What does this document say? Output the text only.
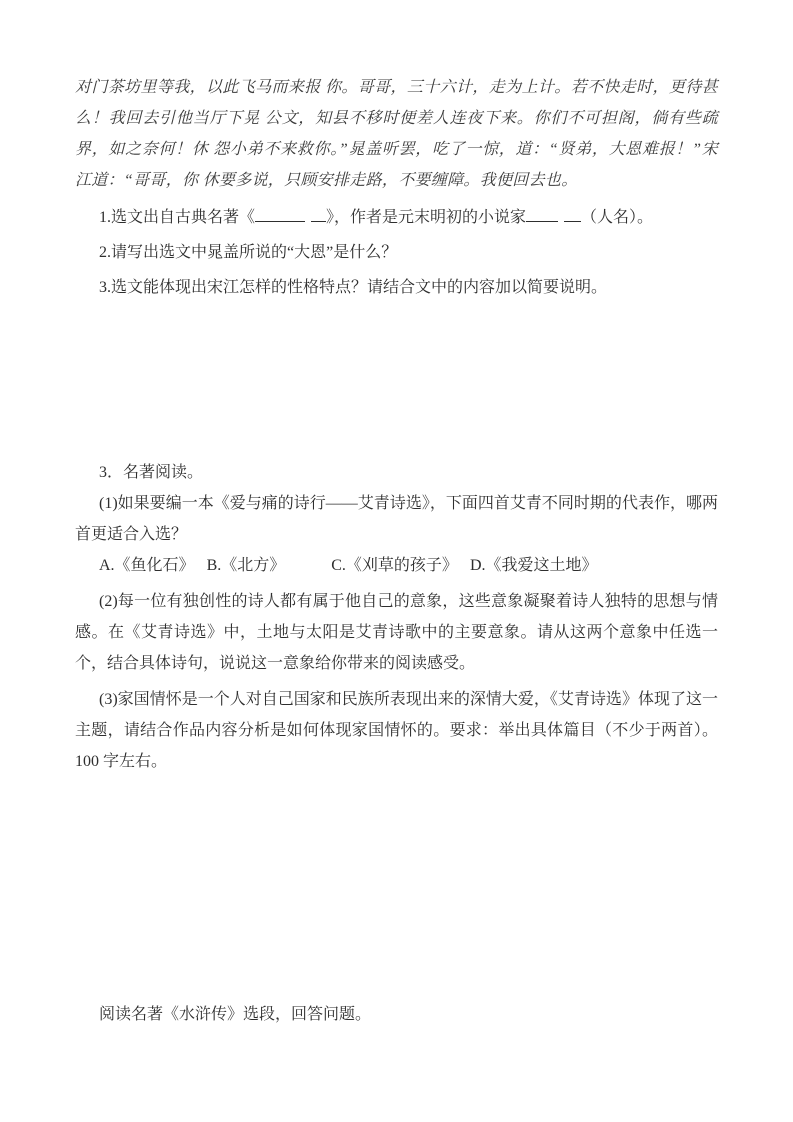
对门茶坊里等我，以此飞马而来报 你。哥哥，三十六计，走为上计。若不快走时，更待甚么！我回去引他当厅下晃 公文，知县不移时便差人连夜下来。你们不可担阁，倘有些疏界，如之奈何！休 怨小弟不来救你。”晁盖听罢，吃了一惊，道：“贤弟，大恩难报！”宋江道：“哥哥，你 休要多说，只顾安排走路，不要缠障。我便回去也。

1.选文出自古典名著《	》，作者是元末明初的小说家	（人名）。

2.请写出选文中晁盖所说的“大恩”是什么？

3.选文能体现出宋江怎样的性格特点？请结合文中的内容加以简要说明。

3．名著阅读。

(1)如果要编一本《爱与痛的诗行——艾青诗选》，下面四首艾青不同时期的代表作，哪两首更适合入选？

A.《鱼化石》 B.《北方》	C.《刈草的孩子》 D.《我爱这土地》

(2)每一位有独创性的诗人都有属于他自己的意象，这些意象凝聚着诗人独特的思想与情感。在《艾青诗选》中，土地与太阳是艾青诗歌中的主要意象。请从这两个意象中任选一个，结合具体诗句，说说这一意象给你带来的阅读感受。

(3)家国情怀是一个人对自己国家和民族所表现出来的深情大爱，《艾青诗选》体现了这一主题，请结合作品内容分析是如何体现家国情怀的。要求：举出具体篇目（不少于两首）。100 字左右。

阅读名著《水浒传》选段，回答问题。
